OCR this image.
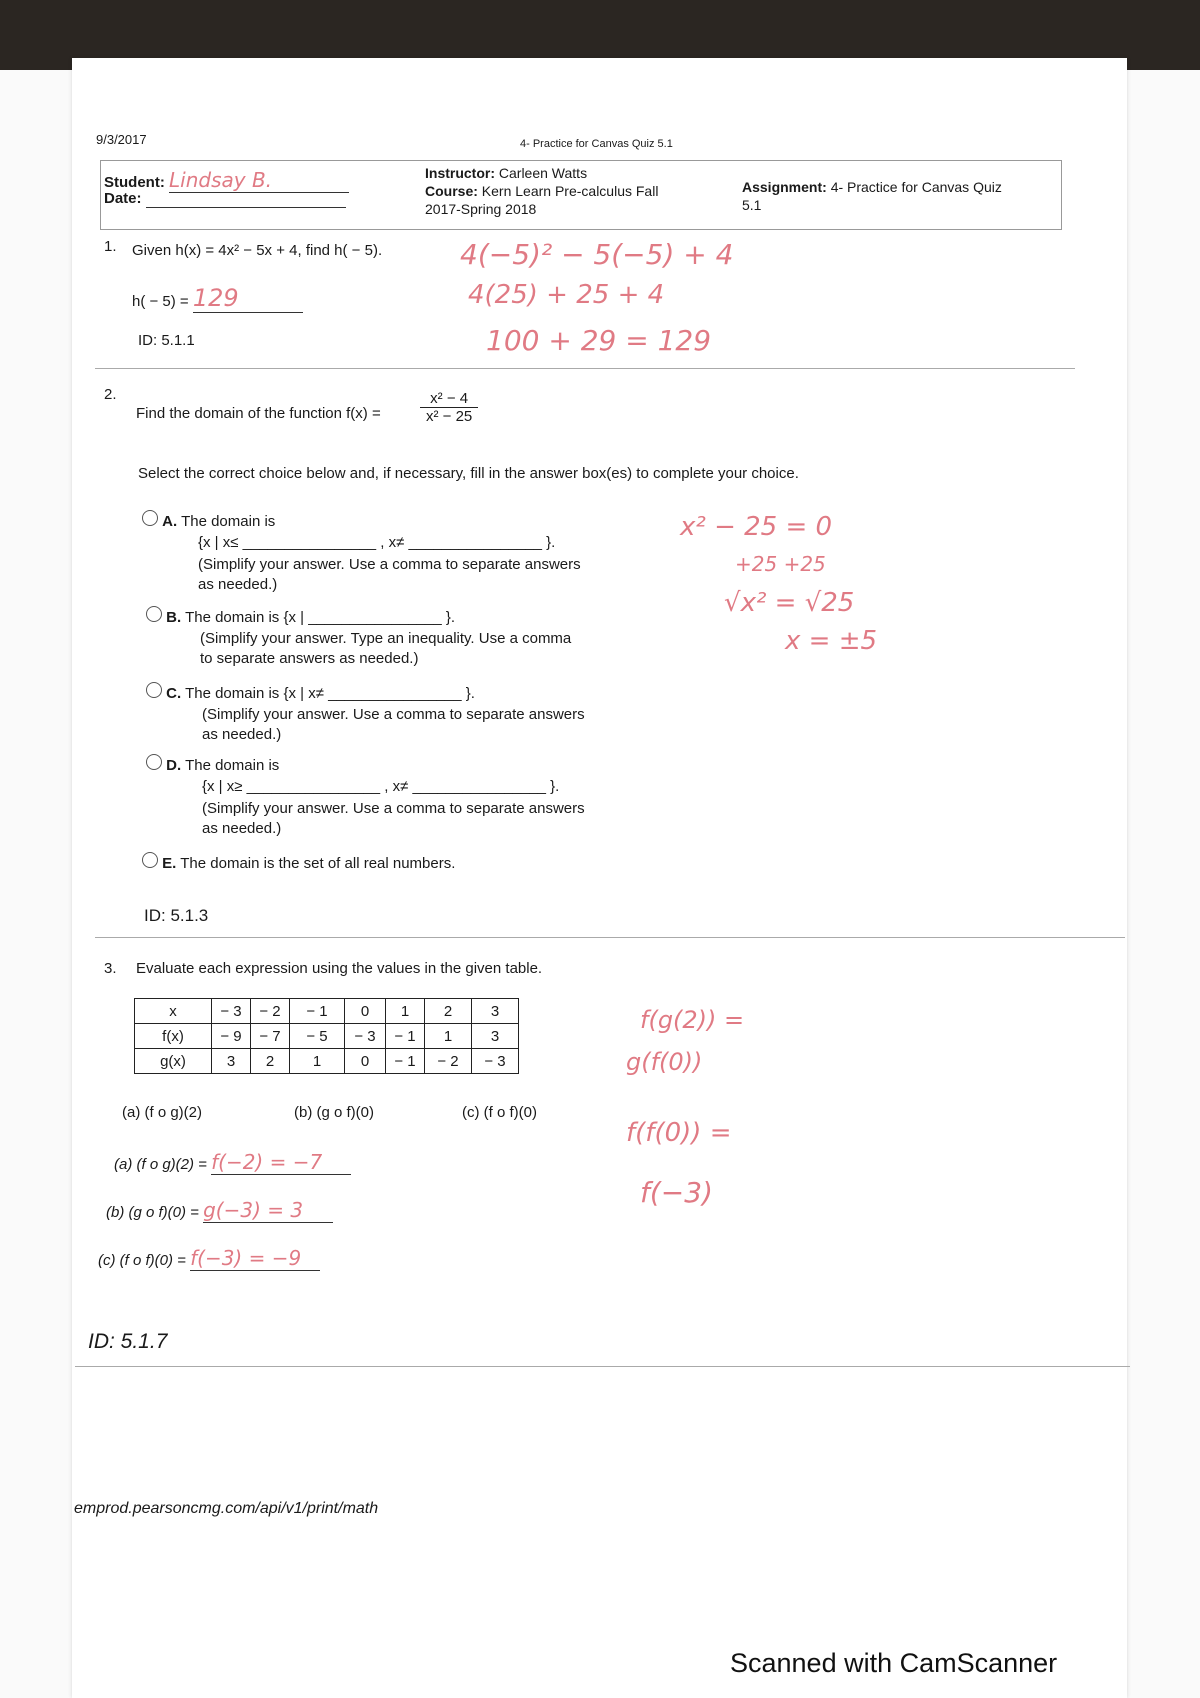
9/3/2017	4- Practice for Canvas Quiz 5.1
Student: Lindsay B.
Date:
Instructor: Carleen Watts
Course: Kern Learn Pre-calculus Fall
2017-Spring 2018
Assignment: 4- Practice for Canvas Quiz
5.1
1. Given h(x) = 4x² − 5x + 4, find h( − 5).
h( − 5) = 129
ID: 5.1.1
4(−5)² − 5(−5) + 4
4(25) + 25 + 4
100 + 29 = 129
2.
Find the domain of the function f(x) =	$\frac{\text{x² − 4}}{\text{x² − 25}}$
Select the correct choice below and, if necessary, fill in the answer box(es) to complete your choice.
A. The domain is
{x | x≤ ________________ , x≠ ________________ }.
(Simplify your answer. Use a comma to separate answers
as needed.)
B. The domain is {x | ________________ }.
(Simplify your answer. Type an inequality. Use a comma
to separate answers as needed.)
C. The domain is {x | x≠ ________________ }.
(Simplify your answer. Use a comma to separate answers
as needed.)
D. The domain is
{x | x≥ ________________ , x≠ ________________ }.
(Simplify your answer. Use a comma to separate answers
as needed.)
E. The domain is the set of all real numbers.
ID: 5.1.3
x² − 25 = 0
+25 +25
√x² = √25
x = ±5
3. Evaluate each expression using the values in the given table.
x	− 3	− 2	− 1	0	1	2	3
f(x)	− 9	− 7	− 5	− 3	− 1	1	3
g(x)	3	2	1	0	− 1	− 2	− 3
(a) (f o g)(2)	(b) (g o f)(0)	(c) (f o f)(0)
(a) (f o g)(2) = f(−2) = −7
(b) (g o f)(0) = g(−3) = 3
(c) (f o f)(0) = f(−3) = −9
f(g(2)) =
g(f(0))
f(f(0)) =
f(−3)
ID: 5.1.7
emprod.pearsoncmg.com/api/v1/print/math
Scanned with CamScanner
